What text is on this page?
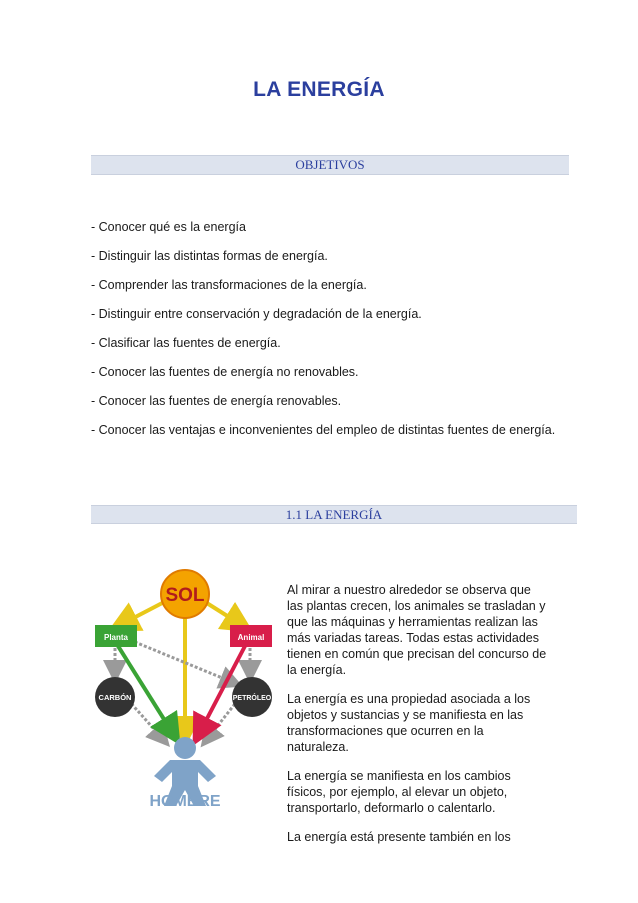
LA ENERGÍA
OBJETIVOS

- Conocer qué es la energía

- Distinguir las distintas formas de energía.

- Comprender las transformaciones de la energía.

- Distinguir entre conservación y degradación de la energía.

- Clasificar las fuentes de energía.

- Conocer las fuentes de energía no renovables.

- Conocer las fuentes de energía renovables.

- Conocer las ventajas e inconvenientes del empleo de distintas fuentes de energía.

1.1 LA ENERGÍA
SOL
Planta	Animal
CARBÓN	PETRÓLEO
HOMBRE

Al mirar a nuestro alrededor se observa que las plantas crecen, los animales se trasladan y que las máquinas y herramientas realizan las más variadas tareas. Todas estas actividades tienen en común que precisan del concurso de la energía.

La energía es una propiedad asociada a los objetos y sustancias y se manifiesta en las transformaciones que ocurren en la naturaleza.

La energía se manifiesta en los cambios físicos, por ejemplo, al elevar un objeto, transportarlo, deformarlo o calentarlo.

La energía está presente también en los
